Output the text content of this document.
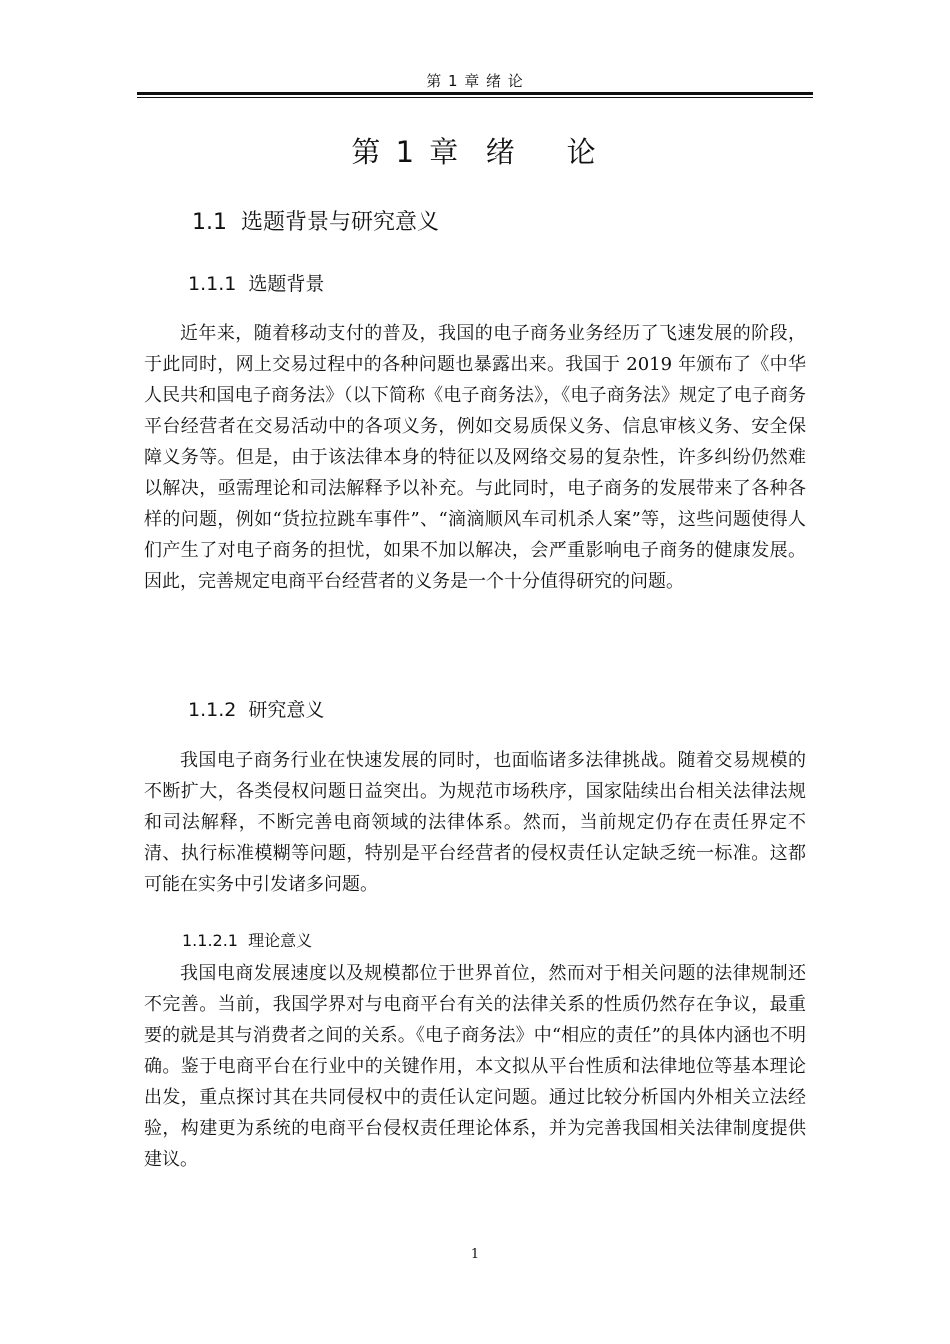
第 1 章 绪 论
第 1 章  绪    论
1.1  选题背景与研究意义
1.1.1  选题背景

近年来，随着移动支付的普及，我国的电子商务业务经历了飞速发展的阶段，于此同时，网上交易过程中的各种问题也暴露出来。我国于 2019 年颁布了《中华人民共和国电子商务法》（以下简称《电子商务法》，《电子商务法》规定了电子商务平台经营者在交易活动中的各项义务，例如交易质保义务、信息审核义务、安全保障义务等。但是，由于该法律本身的特征以及网络交易的复杂性，许多纠纷仍然难以解决，亟需理论和司法解释予以补充。与此同时，电子商务的发展带来了各种各样的问题，例如“货拉拉跳车事件”、“滴滴顺风车司机杀人案”等，这些问题使得人们产生了对电子商务的担忧，如果不加以解决，会严重影响电子商务的健康发展。因此，完善规定电商平台经营者的义务是一个十分值得研究的问题。

1.1.2  研究意义

我国电子商务行业在快速发展的同时，也面临诸多法律挑战。随着交易规模的不断扩大，各类侵权问题日益突出。为规范市场秩序，国家陆续出台相关法律法规和司法解释，不断完善电商领域的法律体系。然而，当前规定仍存在责任界定不清、执行标准模糊等问题，特别是平台经营者的侵权责任认定缺乏统一标准。这都可能在实务中引发诸多问题。

1.1.2.1  理论意义

我国电商发展速度以及规模都位于世界首位，然而对于相关问题的法律规制还不完善。当前，我国学界对与电商平台有关的法律关系的性质仍然存在争议，最重要的就是其与消费者之间的关系。《电子商务法》中“相应的责任”的具体内涵也不明确。鉴于电商平台在行业中的关键作用，本文拟从平台性质和法律地位等基本理论出发，重点探讨其在共同侵权中的责任认定问题。通过比较分析国内外相关立法经验，构建更为系统的电商平台侵权责任理论体系，并为完善我国相关法律制度提供建议。

1
